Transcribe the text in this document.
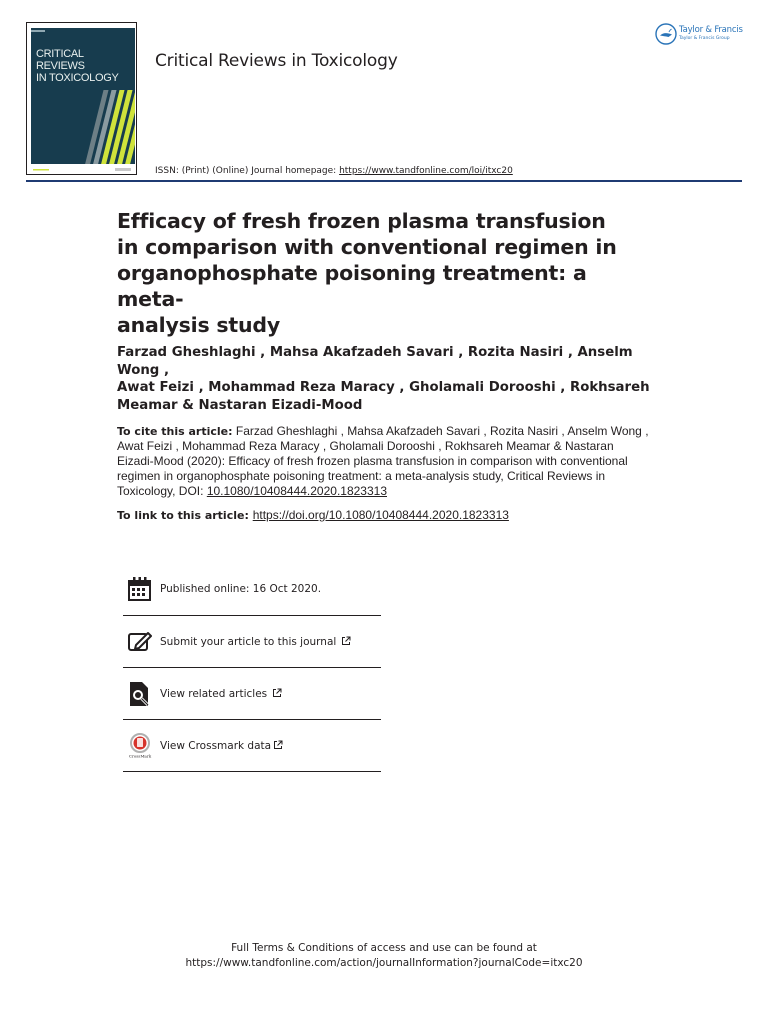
CRITICAL REVIEWS
IN TOXICOLOGY
Critical Reviews in Toxicology
Taylor & Francis
Taylor & Francis Group
ISSN: (Print) (Online) Journal homepage: https://www.tandfonline.com/loi/itxc20
Efficacy of fresh frozen plasma transfusion
in comparison with conventional regimen in
organophosphate poisoning treatment: a meta-
analysis study
Farzad Gheshlaghi , Mahsa Akafzadeh Savari , Rozita Nasiri , Anselm Wong ,
Awat Feizi , Mohammad Reza Maracy , Gholamali Dorooshi , Rokhsareh
Meamar & Nastaran Eizadi-Mood
To cite this article: Farzad Gheshlaghi , Mahsa Akafzadeh Savari , Rozita Nasiri , Anselm Wong ,
Awat Feizi , Mohammad Reza Maracy , Gholamali Dorooshi , Rokhsareh Meamar & Nastaran
Eizadi-Mood (2020): Efficacy of fresh frozen plasma transfusion in comparison with conventional
regimen in organophosphate poisoning treatment: a meta-analysis study, Critical Reviews in
Toxicology, DOI: 10.1080/10408444.2020.1823313
To link to this article: https://doi.org/10.1080/10408444.2020.1823313
Published online: 16 Oct 2020.
Submit your article to this journal
View related articles
CrossMark
View Crossmark data
Full Terms & Conditions of access and use can be found at
https://www.tandfonline.com/action/journalInformation?journalCode=itxc20
